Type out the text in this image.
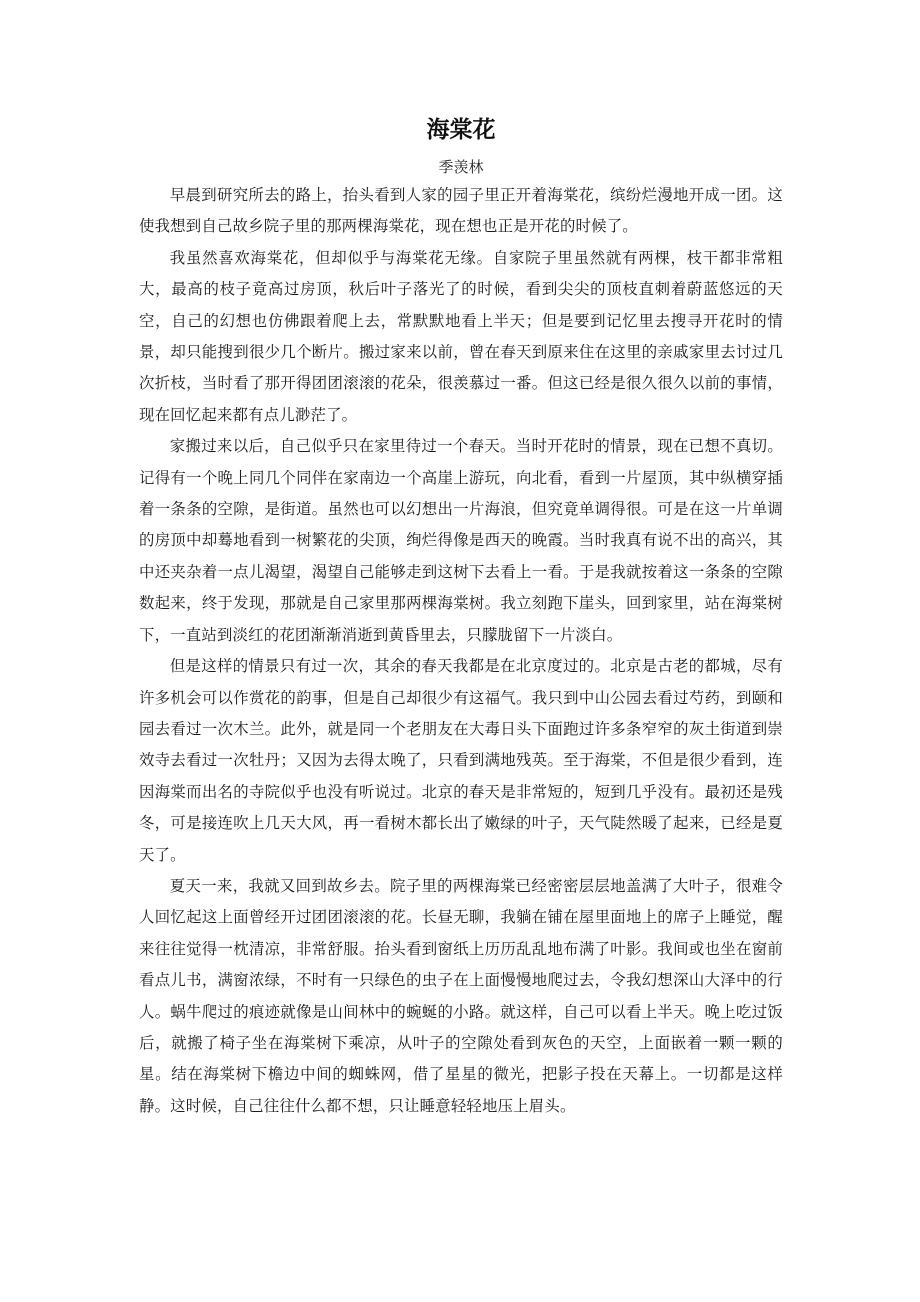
海棠花
季羡林

早晨到研究所去的路上，抬头看到人家的园子里正开着海棠花，缤纷烂漫地开成一团。这使我想到自己故乡院子里的那两棵海棠花，现在想也正是开花的时候了。

我虽然喜欢海棠花，但却似乎与海棠花无缘。自家院子里虽然就有两棵，枝干都非常粗大，最高的枝子竟高过房顶，秋后叶子落光了的时候，看到尖尖的顶枝直刺着蔚蓝悠远的天空，自己的幻想也仿佛跟着爬上去，常默默地看上半天；但是要到记忆里去搜寻开花时的情景，却只能搜到很少几个断片。搬过家来以前，曾在春天到原来住在这里的亲戚家里去讨过几次折枝，当时看了那开得团团滚滚的花朵，很羡慕过一番。但这已经是很久很久以前的事情，现在回忆起来都有点儿渺茫了。

家搬过来以后，自己似乎只在家里待过一个春天。当时开花时的情景，现在已想不真切。记得有一个晚上同几个同伴在家南边一个高崖上游玩，向北看，看到一片屋顶，其中纵横穿插着一条条的空隙，是街道。虽然也可以幻想出一片海浪，但究竟单调得很。可是在这一片单调的房顶中却蓦地看到一树繁花的尖顶，绚烂得像是西天的晚霞。当时我真有说不出的高兴，其中还夹杂着一点儿渴望，渴望自己能够走到这树下去看上一看。于是我就按着这一条条的空隙数起来，终于发现，那就是自己家里那两棵海棠树。我立刻跑下崖头，回到家里，站在海棠树下，一直站到淡红的花团渐渐消逝到黄昏里去，只朦胧留下一片淡白。

但是这样的情景只有过一次，其余的春天我都是在北京度过的。北京是古老的都城，尽有许多机会可以作赏花的韵事，但是自己却很少有这福气。我只到中山公园去看过芍药，到颐和园去看过一次木兰。此外，就是同一个老朋友在大毒日头下面跑过许多条窄窄的灰土街道到崇效寺去看过一次牡丹；又因为去得太晚了，只看到满地残英。至于海棠，不但是很少看到，连因海棠而出名的寺院似乎也没有听说过。北京的春天是非常短的，短到几乎没有。最初还是残冬，可是接连吹上几天大风，再一看树木都长出了嫩绿的叶子，天气陡然暖了起来，已经是夏天了。

夏天一来，我就又回到故乡去。院子里的两棵海棠已经密密层层地盖满了大叶子，很难令人回忆起这上面曾经开过团团滚滚的花。长昼无聊，我躺在铺在屋里面地上的席子上睡觉，醒来往往觉得一枕清凉，非常舒服。抬头看到窗纸上历历乱乱地布满了叶影。我间或也坐在窗前看点儿书，满窗浓绿，不时有一只绿色的虫子在上面慢慢地爬过去，令我幻想深山大泽中的行人。蜗牛爬过的痕迹就像是山间林中的蜿蜒的小路。就这样，自己可以看上半天。晚上吃过饭后，就搬了椅子坐在海棠树下乘凉，从叶子的空隙处看到灰色的天空，上面嵌着一颗一颗的星。结在海棠树下檐边中间的蜘蛛网，借了星星的微光，把影子投在天幕上。一切都是这样静。这时候，自己往往什么都不想，只让睡意轻轻地压上眉头。
